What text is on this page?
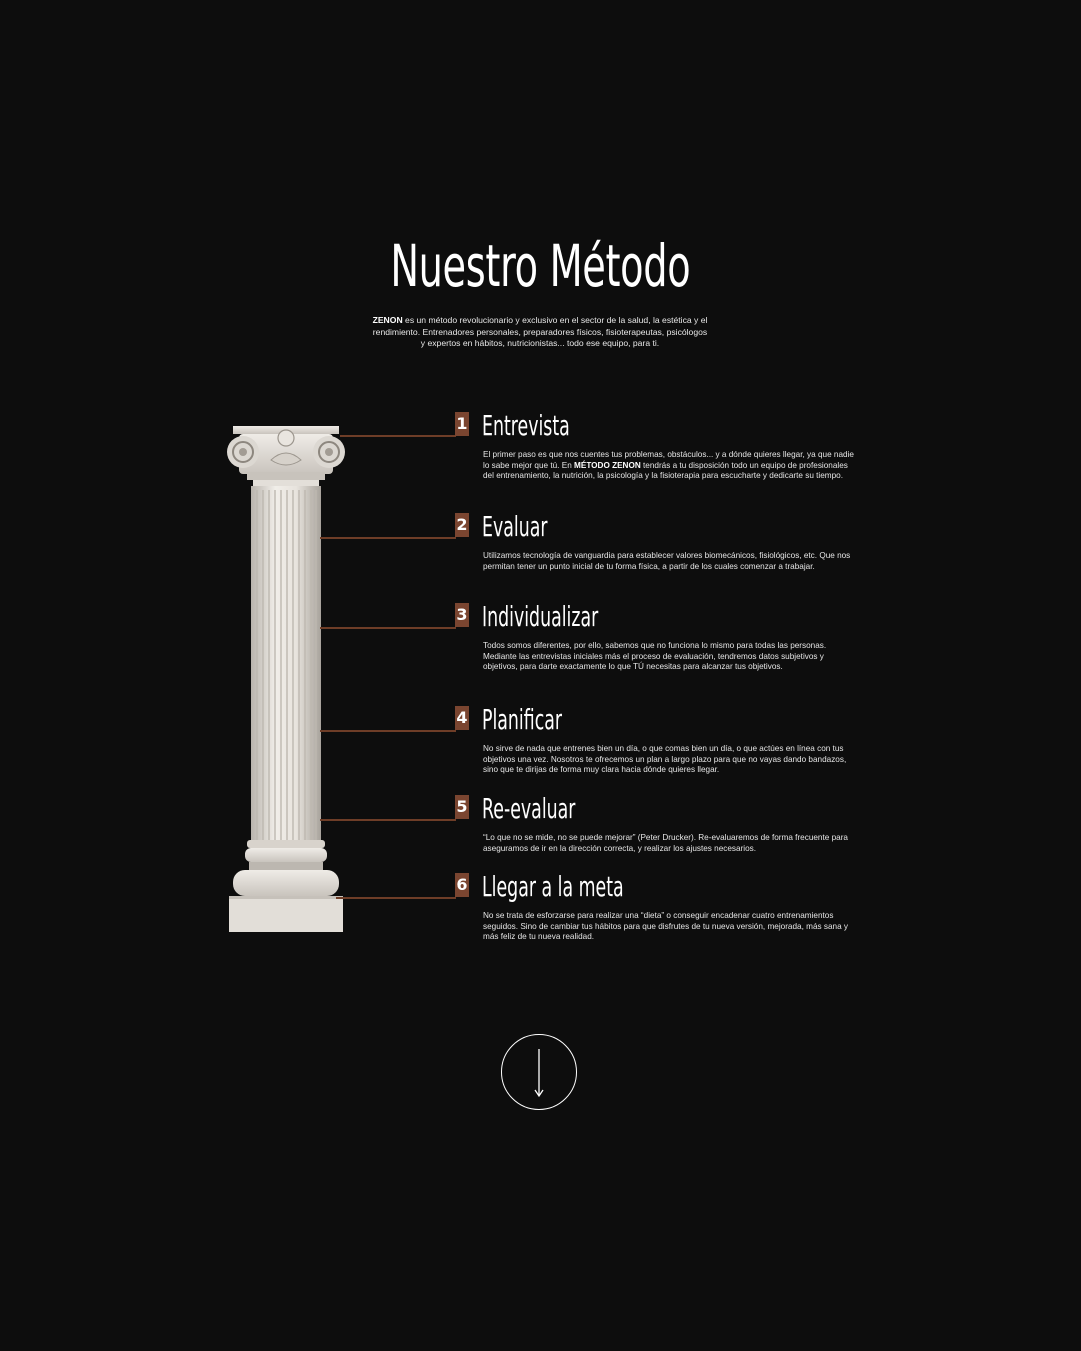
Nuestro Método

ZENON es un método revolucionario y exclusivo en el sector de la salud, la estética y el
rendimiento. Entrenadores personales, preparadores físicos, fisioterapeutas, psicólogos
y expertos en hábitos, nutricionistas... todo ese equipo, para ti.

1 Entrevista

El primer paso es que nos cuentes tus problemas, obstáculos... y a dónde quieres llegar, ya que nadie lo sabe mejor que tú. En MÉTODO ZENON tendrás a tu disposición todo un equipo de profesionales del entrenamiento, la nutrición, la psicología y la fisioterapia para escucharte y dedicarte su tiempo.

2 Evaluar

Utilizamos tecnología de vanguardia para establecer valores biomecánicos, fisiológicos, etc. Que nos permitan tener un punto inicial de tu forma física, a partir de los cuales comenzar a trabajar.

3 Individualizar

Todos somos diferentes, por ello, sabemos que no funciona lo mismo para todas las personas. Mediante las entrevistas iniciales más el proceso de evaluación, tendremos datos subjetivos y objetivos, para darte exactamente lo que TÚ necesitas para alcanzar tus objetivos.

4 Planificar

No sirve de nada que entrenes bien un día, o que comas bien un día, o que actúes en línea con tus objetivos una vez. Nosotros te ofrecemos un plan a largo plazo para que no vayas dando bandazos, sino que te dirijas de forma muy clara hacia dónde quieres llegar.

5 Re-evaluar

“Lo que no se mide, no se puede mejorar” (Peter Drucker). Re-evaluaremos de forma frecuente para aseguramos de ir en la dirección correcta, y realizar los ajustes necesarios.

6 Llegar a la meta

No se trata de esforzarse para realizar una “dieta” o conseguir encadenar cuatro entrenamientos seguidos. Sino de cambiar tus hábitos para que disfrutes de tu nueva versión, mejorada, más sana y más feliz de tu nueva realidad.
